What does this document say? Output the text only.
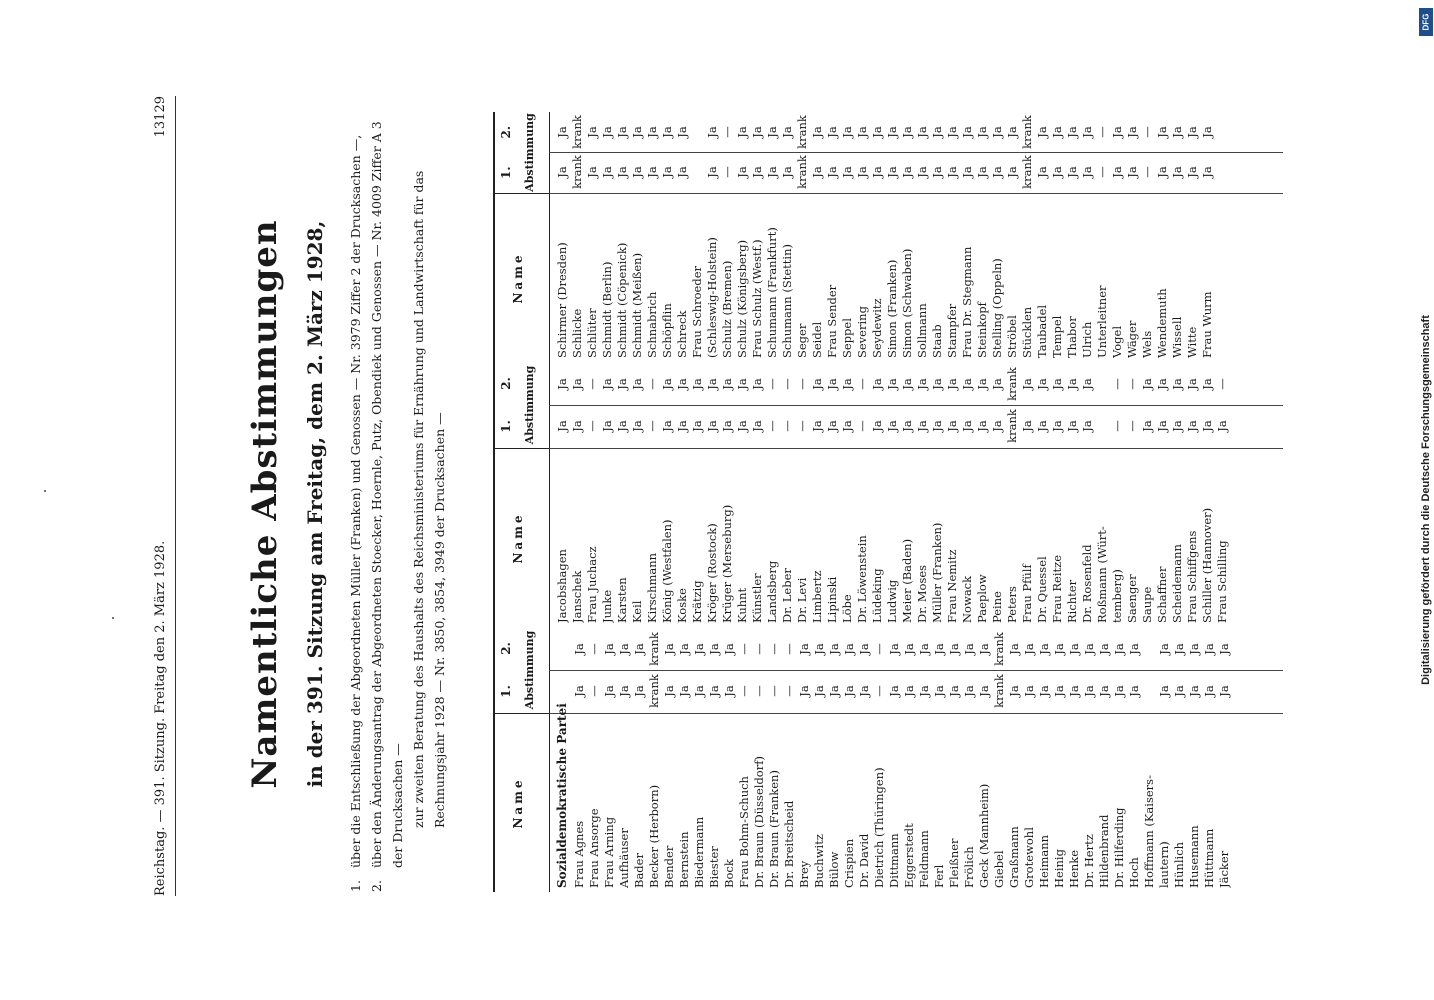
Reichstag. — 391. Sitzung. Freitag den 2. März 1928.
13129
Namentliche Abstimmungen in der 391. Sitzung am Freitag, dem 2. März 1928,
1.
über die Entschließung der Abgeordneten Müller (Franken) und Genossen — Nr. 3979 Ziffer 2 der Drucksachen —,
2.
über den Änderungsantrag der Abgeordneten Stoecker, Hoernle, Putz, Obendiek und Genossen — Nr. 4009 Ziffer A 3 der Drucksachen — zur zweiten Beratung des Haushalts des Reichsministeriums für Ernährung und Landwirtschaft für das Rechnungsjahr 1928 — Nr. 3850, 3854, 3949 der Drucksachen —	Name
1.
2. Abstimmung
Sozialdemokratische Partei Frau Agnes
Ja
Ja
Frau Ansorge
—
—
Frau Arning
Ja
Ja
Aufhäuser
Ja
Ja
Bader
Ja
Ja
Becker (Herborn)
krank
krank
Bender
Ja
Ja
Bernstein
Ja
Ja
Biedermann
Ja
Ja
Biester
Ja
Ja
Bock
Ja
Ja
Frau Bohm-Schuch
—
—
Dr. Braun (Düsseldorf)
—
—
Dr. Braun (Franken)
—
—
Dr. Breitscheid
—
—
Brey
Ja
Ja
Buchwitz
Ja
Ja
Bülow
Ja
Ja
Crispien
Ja
Ja
Dr. David
Ja
Ja
Dietrich (Thüringen)
—
—
Dittmann
Ja
Ja
Eggerstedt
Ja
Ja
Feldmann
Ja
Ja
Ferl
Ja
Ja
Fleißner
Ja
Ja
Frölich
Ja
Ja
Geck (Mannheim)
Ja
Ja
Giebel
krank
krank
Graßmann
Ja
Ja
Grotewohl
Ja
Ja
Heimann
Ja
Ja
Heinig
Ja
Ja
Henke
Ja
Ja
Dr. Hertz
Ja
Ja
Hildenbrand
Ja
Ja
Dr. Hilferding
Ja
Ja
Hoch
Ja
Ja
Hoffmann (Kaisers- lautern)
Ja
Ja
Hünlich
Ja
Ja
Husemann
Ja
Ja
Hüttmann
Ja
Ja
Jäcker
Ja
Ja
Name
1.
2. Abstimmung
Jacobshagen
Ja
Ja
Janschek
Ja
Ja
Frau Juchacz
—
—
Junke
Ja
Ja
Karsten
Ja
Ja
Keil
Ja
Ja
Kirschmann
—
—
König (Westfalen)
Ja
Ja
Koske
Ja
Ja
Krätzig
Ja
Ja
Kröger (Rostock)
Ja
Ja
Krüger (Merseburg)
Ja
Ja
Kuhnt
Ja
Ja
Künstler
Ja
Ja
Landsberg
—
—
Dr. Leber
—
—
Dr. Levi
—
—
Limbertz
Ja
Ja
Lipinski
Ja
Ja
Löbe
Ja
Ja
Dr. Löwenstein
—
—
Lüdeking
Ja
Ja
Ludwig
Ja
Ja
Meier (Baden)
Ja
Ja
Dr. Moses
Ja
Ja
Müller (Franken)
Ja
Ja
Frau Nemitz
Ja
Ja
Nowack
Ja
Ja
Paeplow
Ja
Ja
Peine
Ja
Ja
Peters
krank
krank
Frau Pfülf
Ja
Ja
Dr. Quessel
Ja
Ja
Frau Reitze
Ja
Ja
Richter
Ja
Ja
Dr. Rosenfeld
Ja
Ja
Roßmann (Würt- temberg)
—
—
Saenger
—
—
Saupe
Ja
Ja
Schaffner
Ja
Ja
Scheidemann
Ja
Ja
Frau Schiffgens
Ja
Ja
Schiller (Hannover)
Ja
Ja
Frau Schilling
Ja
—
Name
1.
2. Abstimmung
Schirmer (Dresden)
Ja
Ja
Schlicke
krank
krank
Schlüter
Ja
Ja
Schmidt (Berlin)
Ja
Ja
Schmidt (Cöpenick)
Ja
Ja
Schmidt (Meißen)
Ja
Ja
Schnabrich
Ja
Ja
Schöpflin
Ja
Ja
Schreck
Ja
Ja
Frau Schroeder (Schleswig-Holstein)
Ja
Ja
Schulz (Bremen)
—
—
Schulz (Königsberg)
Ja
Ja
Frau Schulz (Westf.)
Ja
Ja
Schumann (Frankfurt)
Ja
Ja
Schumann (Stettin)
Ja
Ja
Seger
krank
krank
Seidel
Ja
Ja
Frau Sender
Ja
Ja
Seppel
Ja
Ja
Severing
Ja
Ja
Seydewitz
Ja
Ja
Simon (Franken)
Ja
Ja
Simon (Schwaben)
Ja
Ja
Sollmann
Ja
Ja
Staab
Ja
Ja
Stampfer
Ja
Ja
Frau Dr. Stegmann
Ja
Ja
Steinkopf
Ja
Ja
Stelling (Oppeln)
Ja
Ja
Ströbel
Ja
Ja
Stücklen
krank
krank
Taubadel
Ja
Ja
Tempel
Ja
Ja
Thabor
Ja
Ja
Ulrich
Ja
Ja
Unterleitner
—
—
Vogel
Ja
Ja
Wäger
Ja
Ja
Wels
—
—
Wendemuth
Ja
Ja
Wissell
Ja
Ja
Witte
Ja
Ja
Frau Wurm
Ja
Ja
DFG
Digitalisierung gefördert durch die Deutsche Forschungsgemeinschaft
